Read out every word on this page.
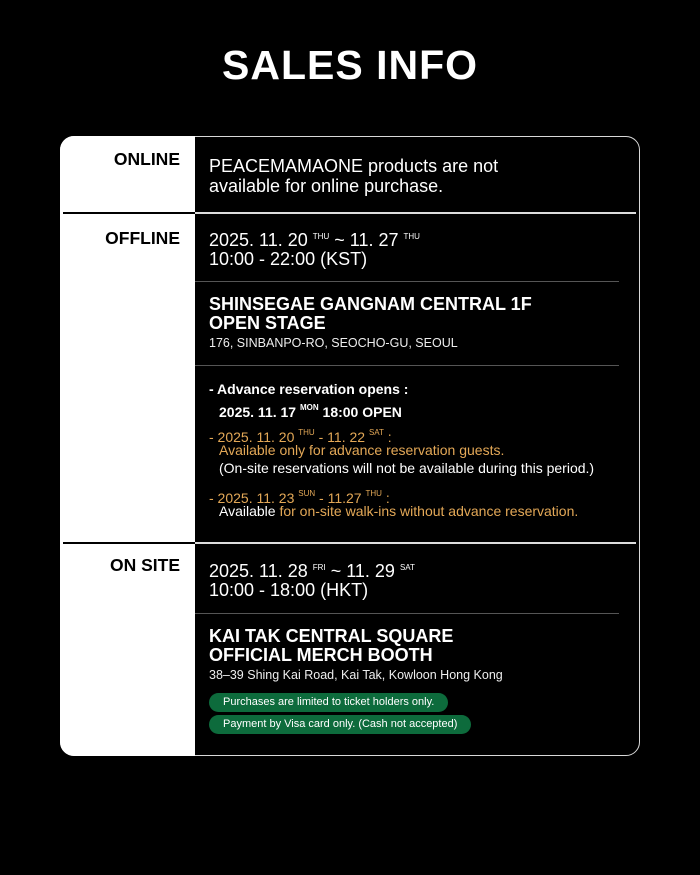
SALES INFO
ONLINE PEACEMAMAONE products are not
available for online purchase.
OFFLINE 2025. 11. 20 $^{THU}$ ~ 11. 27 $^{THU}$
10:00 - 22:00 (KST)
SHINSEGAE GANGNAM CENTRAL 1F
OPEN STAGE
176, SINBANPO-RO, SEOCHO-GU, SEOUL
- Advance reservation opens :
2025. 11. 17 $^{MON}$ 18:00 OPEN
- 2025. 11. 20 $^{THU}$ - 11. 22 $^{SAT}$ :
Available only for advance reservation guests.
(On-site reservations will not be available during this period.)
- 2025. 11. 23 $^{SUN}$ - 11.27 $^{THU}$ :
Available for on-site walk-ins without advance reservation.
ON SITE 2025. 11. 28 $^{FRI}$ ~ 11. 29 $^{SAT}$
10:00 - 18:00 (HKT)
KAI TAK CENTRAL SQUARE
OFFICIAL MERCH BOOTH
38–39 Shing Kai Road, Kai Tak, Kowloon Hong Kong
Purchases are limited to ticket holders only.
Payment by Visa card only. (Cash not accepted)
